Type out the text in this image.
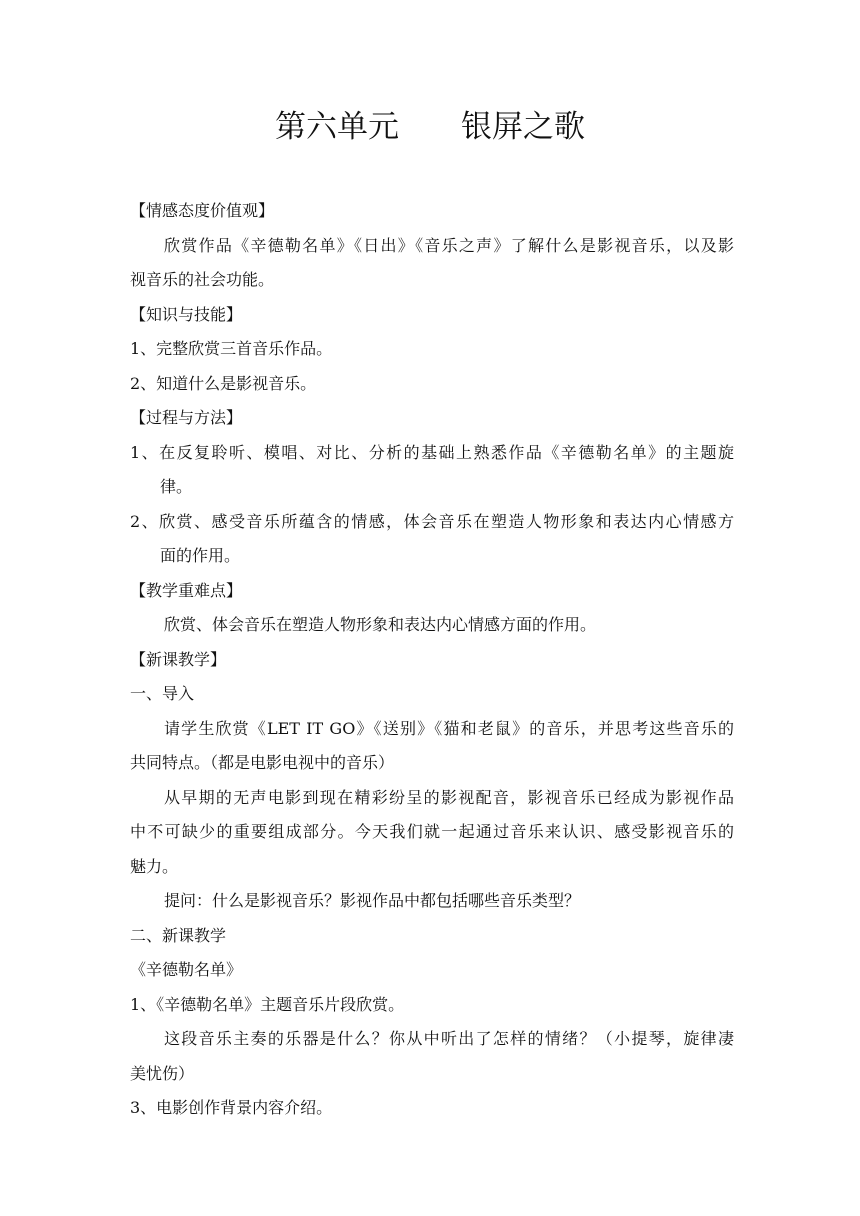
第六单元 银屏之歌

【情感态度价值观】

欣赏作品《辛德勒名单》《日出》《音乐之声》了解什么是影视音乐，以及影

视音乐的社会功能。

【知识与技能】

1、完整欣赏三首音乐作品。

2、知道什么是影视音乐。

【过程与方法】

1、在反复聆听、模唱、对比、分析的基础上熟悉作品《辛德勒名单》的主题旋

律。

2、欣赏、感受音乐所蕴含的情感，体会音乐在塑造人物形象和表达内心情感方

面的作用。

【教学重难点】

欣赏、体会音乐在塑造人物形象和表达内心情感方面的作用。

【新课教学】

一、导入

请学生欣赏《LET IT GO》《送别》《猫和老鼠》的音乐，并思考这些音乐的

共同特点。（都是电影电视中的音乐）

从早期的无声电影到现在精彩纷呈的影视配音，影视音乐已经成为影视作品

中不可缺少的重要组成部分。今天我们就一起通过音乐来认识、感受影视音乐的

魅力。

提问：什么是影视音乐？影视作品中都包括哪些音乐类型？

二、新课教学

《辛德勒名单》

1、《辛德勒名单》主题音乐片段欣赏。

这段音乐主奏的乐器是什么？你从中听出了怎样的情绪？（小提琴，旋律凄

美忧伤）

3、电影创作背景内容介绍。
